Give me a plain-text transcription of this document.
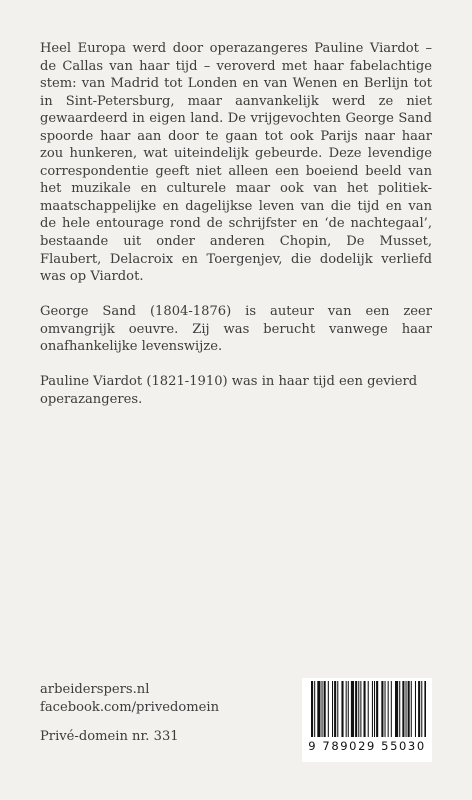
Heel Europa werd door operazangeres Pauline Viardot – de Callas van haar tijd – veroverd met haar fabelachtige stem: van Madrid tot Londen en van Wenen en Berlijn tot in Sint-Petersburg, maar aanvankelijk werd ze niet gewaardeerd in eigen land. De vrijgevochten George Sand spoorde haar aan door te gaan tot ook Parijs naar haar zou hunkeren, wat uiteindelijk gebeurde. Deze levendige correspondentie geeft niet alleen een boeiend beeld van het muzikale en culturele maar ook van het politiek-maatschappelijke en dagelijkse leven van die tijd en van de hele entourage rond de schrijfster en ‘de nachtegaal’, bestaande uit onder anderen Chopin, De Musset, Flaubert, Delacroix en Toergenjev, die dodelijk verliefd was op Viardot.

George Sand (1804-1876) is auteur van een zeer omvangrijk oeuvre. Zij was berucht vanwege haar onafhankelijke levenswijze.

Pauline Viardot (1821-1910) was in haar tijd een gevierd operazangeres.

arbeiderspers.nl
facebook.com/privedomein
Privé-domein nr. 331
9 789029 55030
